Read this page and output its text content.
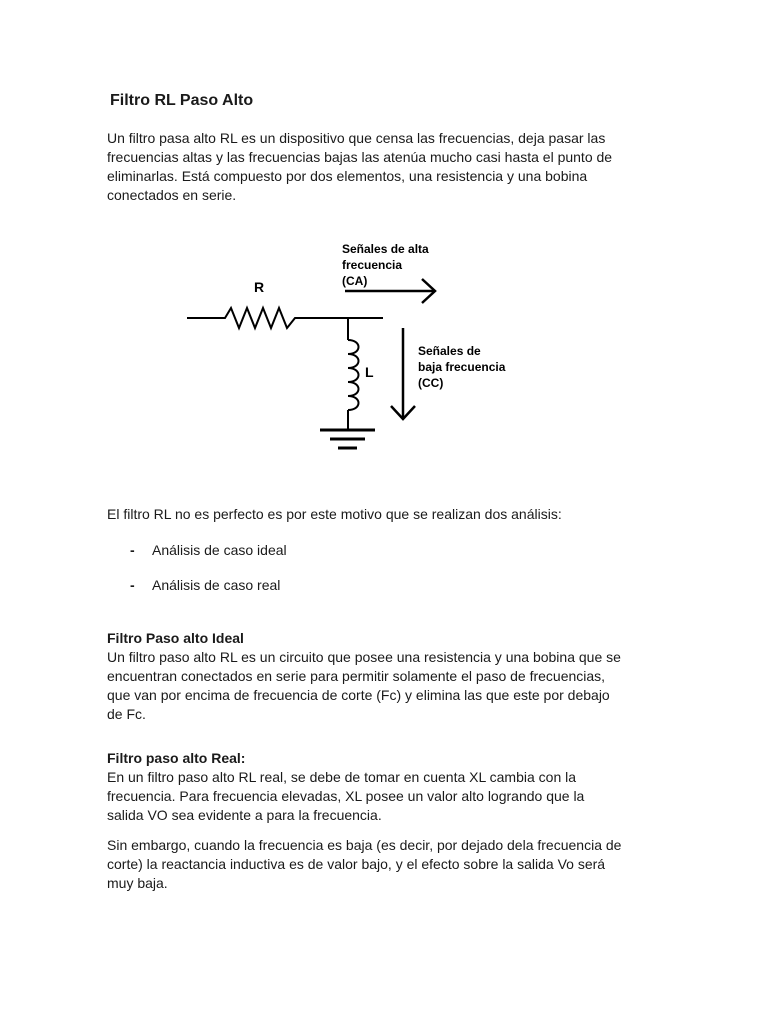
Filtro RL Paso Alto
Un filtro pasa alto RL es un dispositivo que censa las frecuencias, deja pasar las
frecuencias altas y las frecuencias bajas las atenúa mucho casi hasta el punto de
eliminarlas. Está compuesto por dos elementos, una resistencia y una bobina
conectados en serie.
R
L
Señales de alta frecuencia (CA)
Señales de baja frecuencia (CC)
El filtro RL no es perfecto es por este motivo que se realizan dos análisis:
- Análisis de caso ideal
- Análisis de caso real
Filtro Paso alto Ideal
Un filtro paso alto RL es un circuito que posee una resistencia y una bobina que se
encuentran conectados en serie para permitir solamente el paso de frecuencias,
que van por encima de frecuencia de corte (Fc) y elimina las que este por debajo
de Fc.
Filtro paso alto Real:
En un filtro paso alto RL real, se debe de tomar en cuenta XL cambia con la
frecuencia. Para frecuencia elevadas, XL posee un valor alto logrando que la
salida VO sea evidente a para la frecuencia.
Sin embargo, cuando la frecuencia es baja (es decir, por dejado dela frecuencia de
corte) la reactancia inductiva es de valor bajo, y el efecto sobre la salida Vo será
muy baja.
